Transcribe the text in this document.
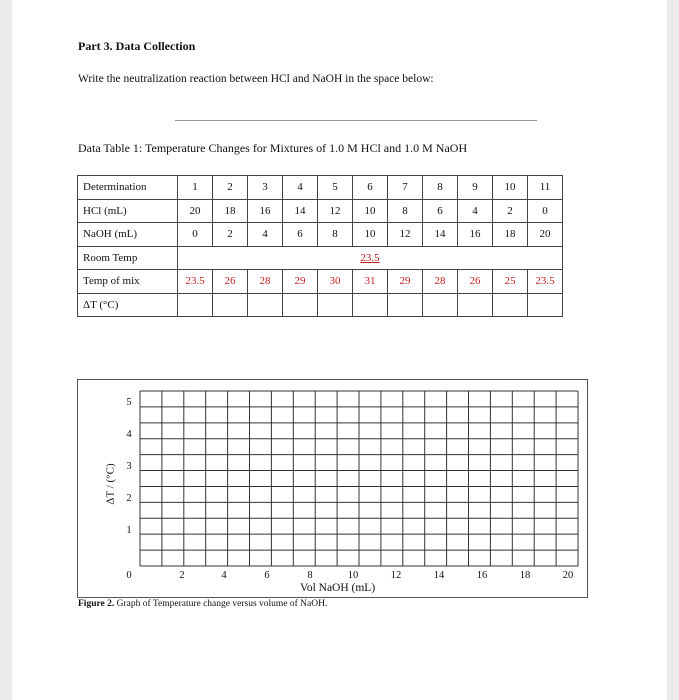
Part 3. Data Collection
Write the neutralization reaction between HCl and NaOH in the space below:
Data Table 1: Temperature Changes for Mixtures of 1.0 M HCl and 1.0 M NaOH
Determination	1	2	3	4	5	6	7	8	9	10	11
HCl (mL)	20	18	16	14	12	10	8	6	4	2	0
NaOH (mL)	0	2	4	6	8	10	12	14	16	18	20
Room Temp	23.5										
Temp of mix	23.5	26	28	29	30	31	29	28	26	25	23.5
ΔT (°C)											
ΔT / (°C)
5
4
3
2
1
0	2	4	6	8	10	12	14	16	18	20
Vol NaOH (mL)
Figure 2. Graph of Temperature change versus volume of NaOH.
